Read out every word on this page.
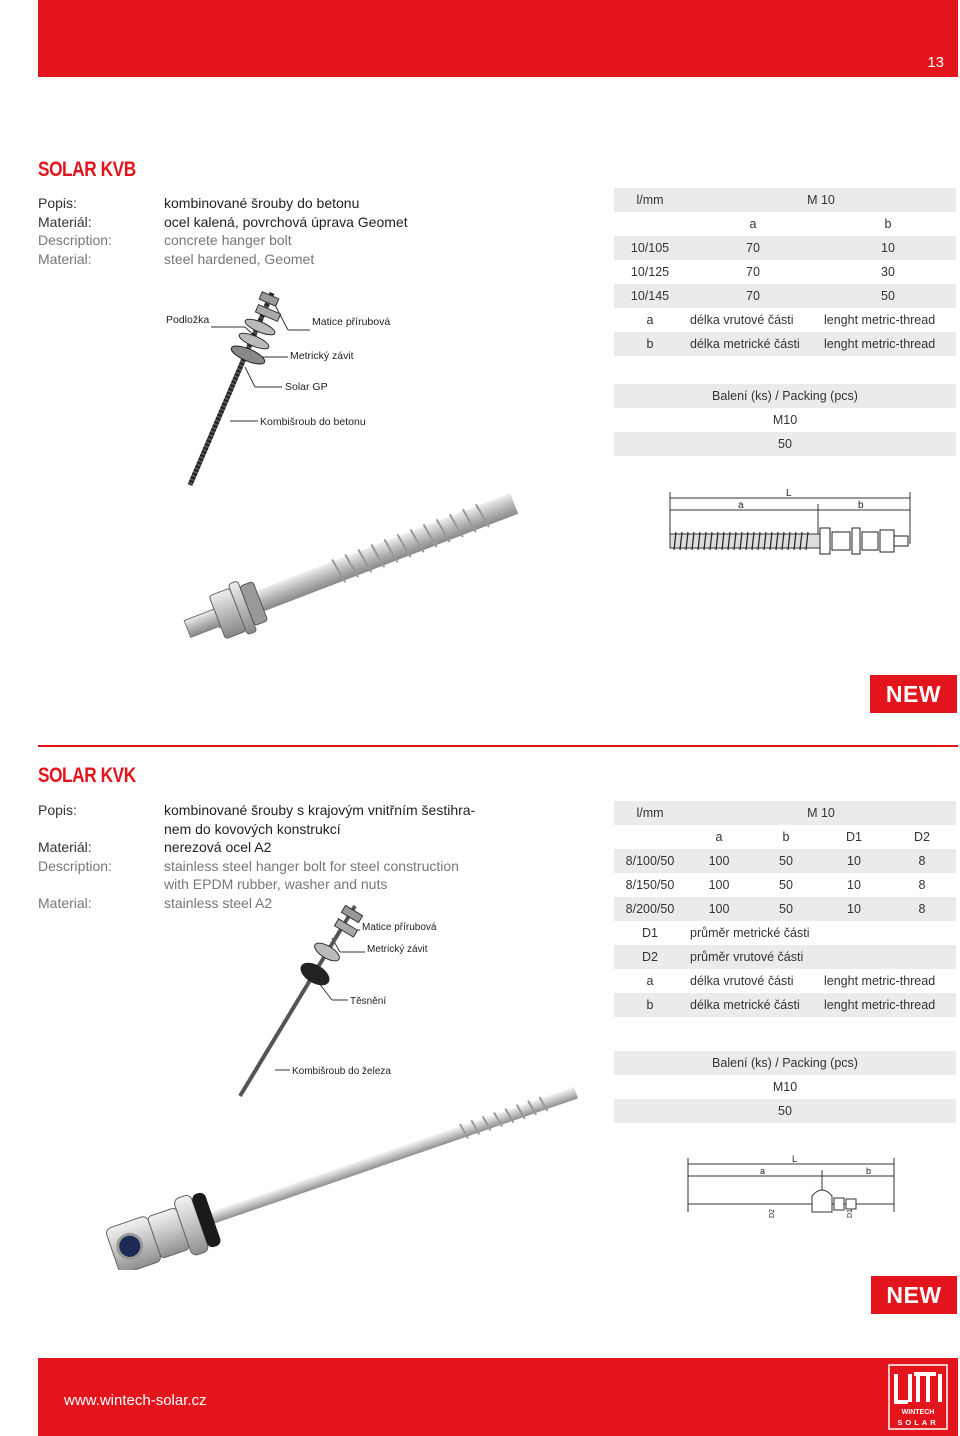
13
SOLAR KVB
Popis:	kombinované šrouby do betonu
Materiál:	ocel kalená, povrchová úprava Geomet
Description:	concrete hanger bolt
Material:	steel hardened, Geomet
Podložka	Matice přírubová
Metrický závit
Solar GP
Kombišroub do betonu
l/mm	M 10	
	a	b
10/105	70	10
10/125	70	30
10/145	70	50
a	délka vrutové části	lenght metric-thread
b	délka metrické části	lenght metric-thread
Balení (ks) / Packing (pcs)
M10
50
L
a	b
NEW
SOLAR KVK
Popis:	kombinované šrouby s krajovým vnitřním šestihra-
nem do kovových konstrukcí
Materiál:	nerezová ocel A2
Description:	stainless steel hanger bolt for steel construction
with EPDM rubber, washer and nuts
Material:	stainless steel A2
Matice přírubová
Metrický závit
Těsnění
Kombišroub do železa
l/mm	M 10			
	a	b	D1	D2
8/100/50	100	50	10	8
8/150/50	100	50	10	8
8/200/50	100	50	10	8
D1	průměr metrické části			
D2	průměr vrutové části			
a	délka vrutové části		lenght metric-thread	
b	délka metrické části		lenght metric-thread	
Balení (ks) / Packing (pcs)
M10
50
L
a	b
D2	D1
NEW
www.wintech-solar.cz
WINTECH
SOLAR
